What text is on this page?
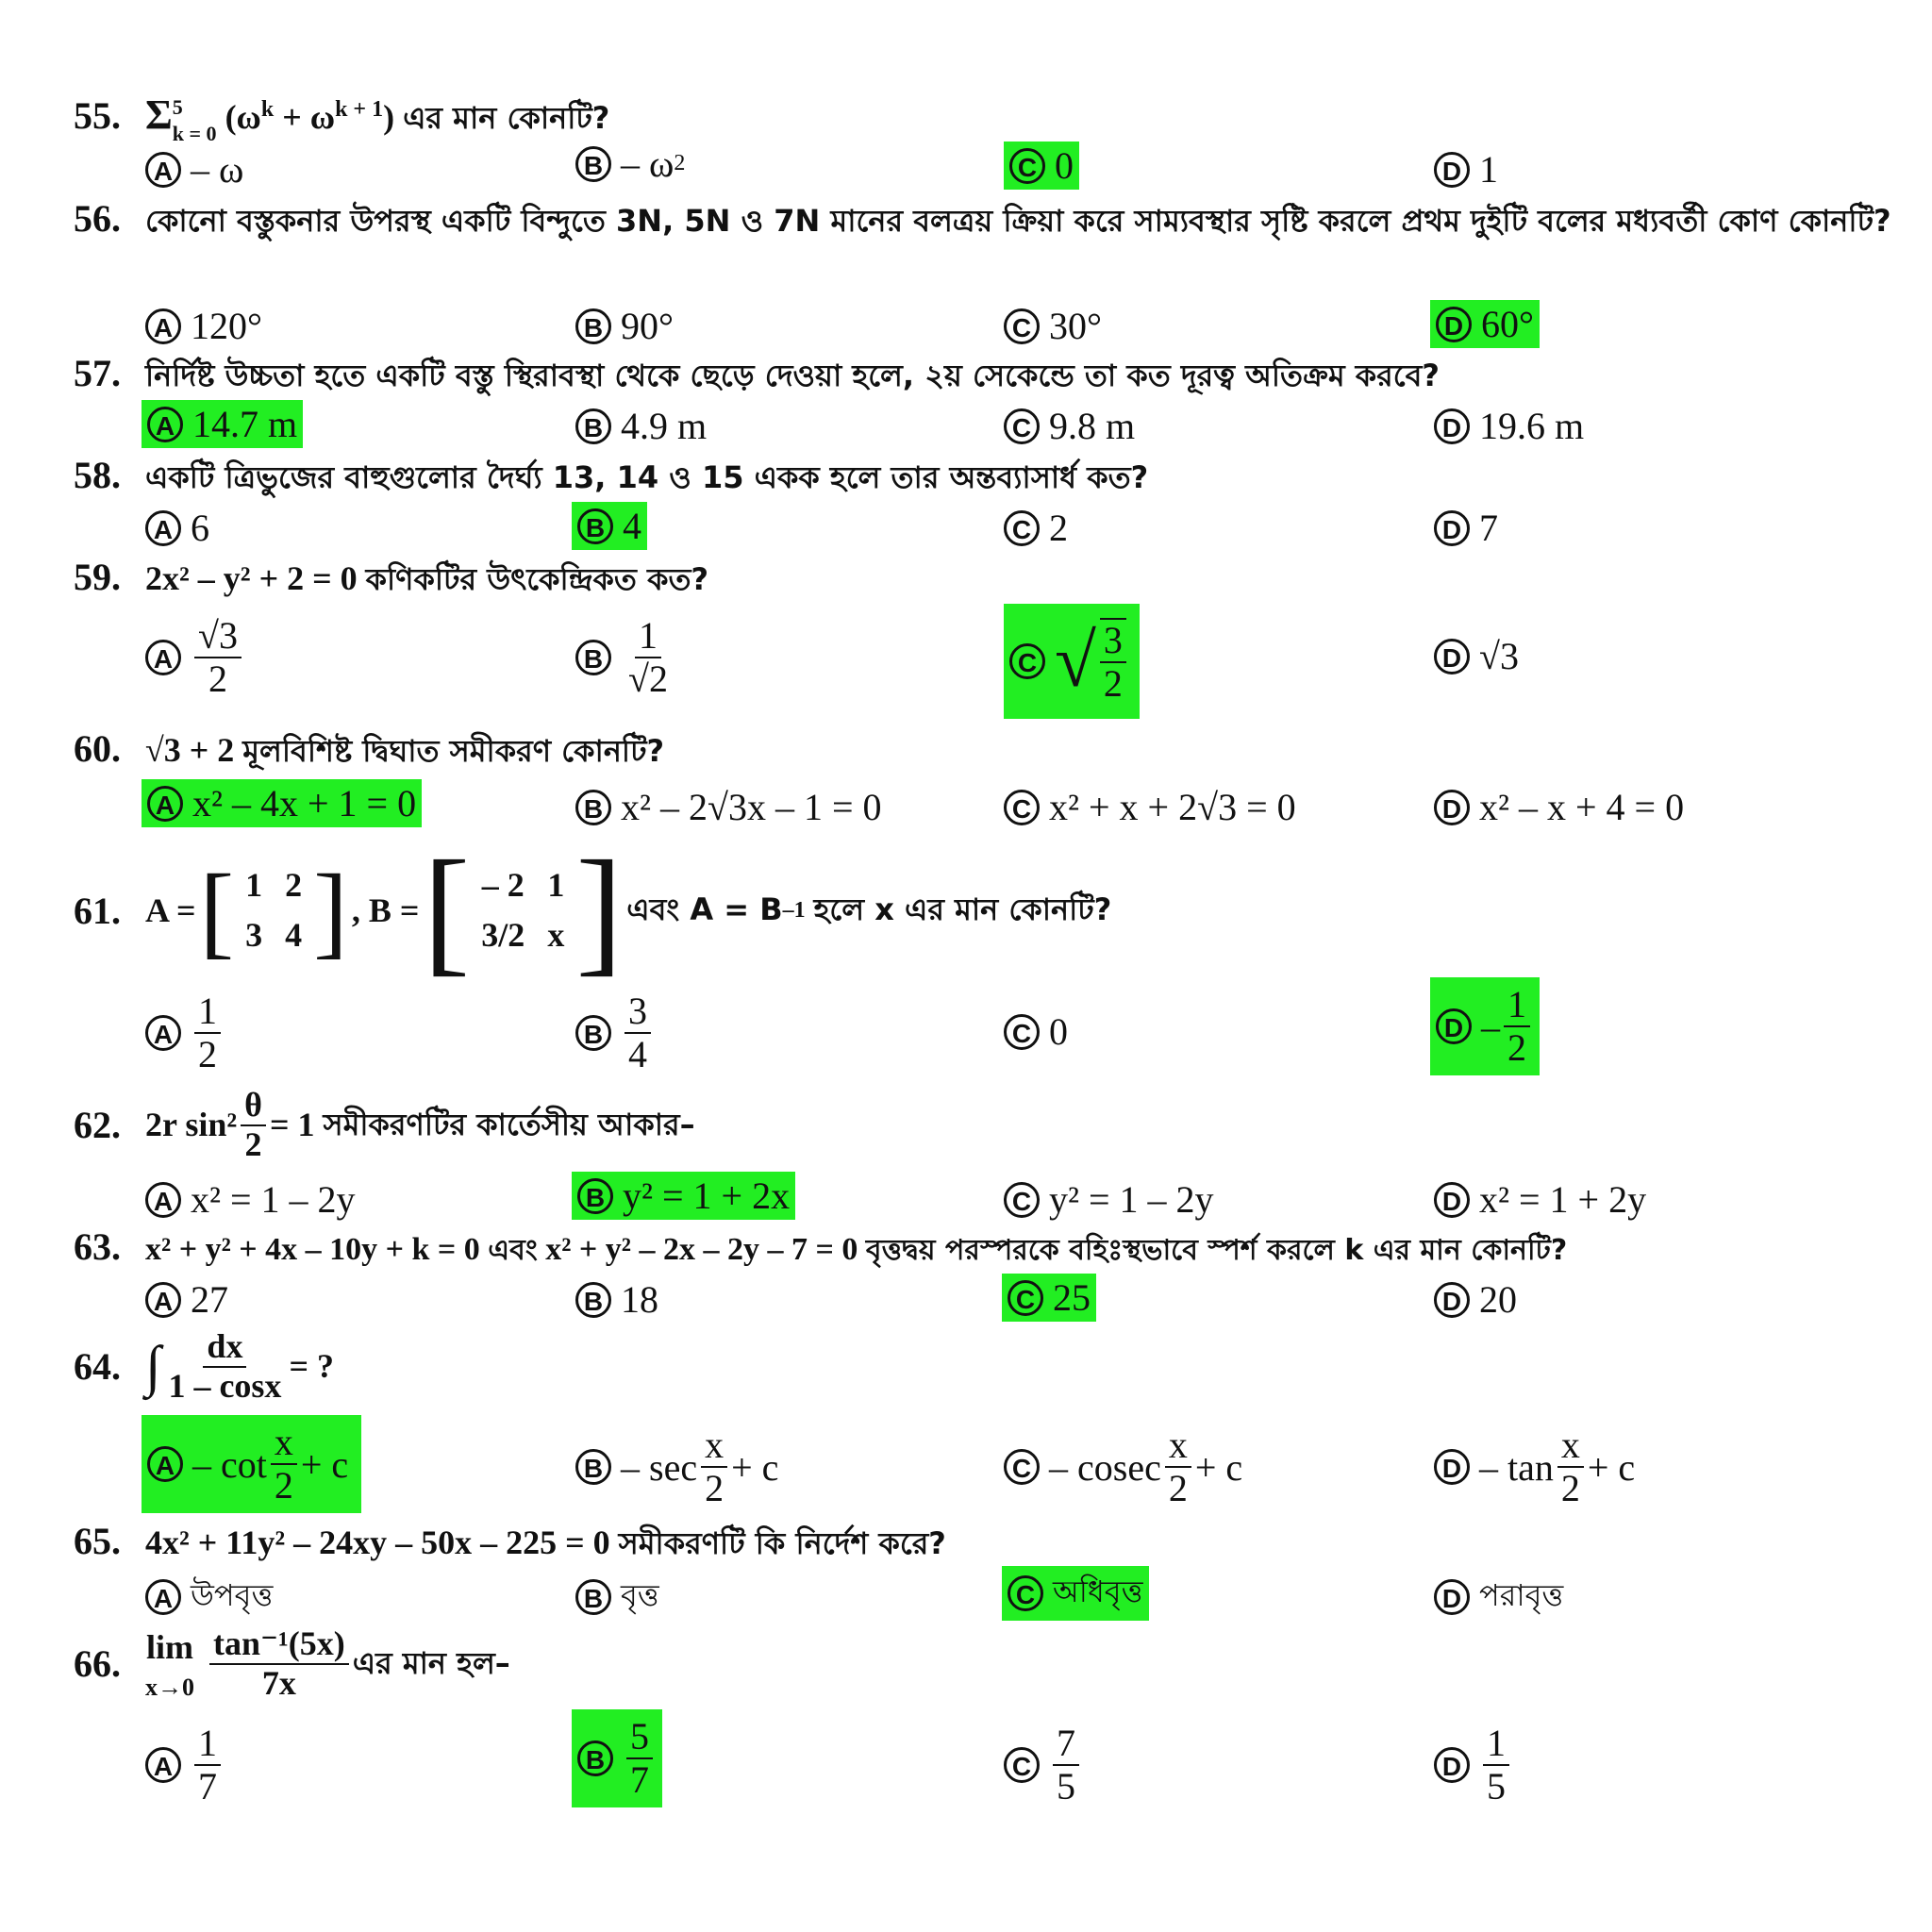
55. Σ 5
k = 0 $(\omega^k + \omega^{k + 1})$ এর মান কোনটি?
A – ω	B – ω 2	C 0	D 1
56. কোনো বস্তুকনার উপরস্থ একটি বিন্দুতে 3N, 5N ও 7N মানের বলত্রয় ক্রিয়া করে সাম্যবস্থার সৃষ্টি করলে প্রথম দুইটি বলের মধ্যবর্তী কোণ কোনটি?
A 120°	B 90°	C 30°	D 60°
57. নির্দিষ্ট উচ্চতা হতে একটি বস্তু স্থিরাবস্থা থেকে ছেড়ে দেওয়া হলে, ২য় সেকেন্ডে তা কত দূরত্ব অতিক্রম করবে?
A 14.7 m	B 4.9 m	C 9.8 m	D 19.6 m
58. একটি ত্রিভুজের বাহুগুলোর দৈর্ঘ্য 13, 14 ও 15 একক হলে তার অন্তব্যাসার্ধ কত?
A 6	B 4	C 2	D 7
59. 2x² – y² + 2 = 0 কণিকটির উৎকেন্দ্রিকত কত?
A $\frac{√3}{2}$	B $\frac{1}{√2}$	C √ $\frac{3}{2}$	D √3
60. √3 + 2 মূলবিশিষ্ট দ্বিঘাত সমীকরণ কোনটি?
A x² – 4x + 1 = 0	B x² – 2√3x – 1 = 0	C x² + x + 2√3 = 0	D x² – x + 4 = 0
61. A = [ 1	2
3	4 ] , B = [ – 2	1
3/2	x ] এবং A = B –1
হলে x এর মান কোনটি?
A $\frac{1}{2}$	B $\frac{3}{4}$	C 0	D – $\frac{1}{2}$
62. 2r $\sin^2 \frac{\theta}{2} = 1$
সমীকরণটির কার্তেসীয় আকার–
A x² = 1 – 2y	B y² = 1 + 2x	C y² = 1 – 2y	D x² = 1 + 2y
63. x² + y² + 4x – 10y + k = 0 এবং x² + y² – 2x – 2y – 7 = 0 বৃত্তদ্বয় পরস্পরকে বহিঃস্থভাবে স্পর্শ করলে k এর মান কোনটি?
A 27	B 18	C 25	D 20
64. ∫ $\frac{dx}{1 - \cos x}$ = ?
$A - \cot \frac{x}{2} + c$	$B - \sec \frac{x}{2} + c$	C – cosec $\frac{x}{2} + c$	$D - \tan \frac{x}{2} + c$
65. 4x² + 11y² – 24xy – 50x – 225 = 0 সমীকরণটি কি নির্দেশ করে?
A উপবৃত্ত	B বৃত্ত	C অধিবৃত্ত	D পরাবৃত্ত
66. lim
$x\to 0 \frac{\text{tan⁻¹(5x)}}{7x}$ এর মান হল–
A $\frac{1}{7}$	B $\frac{5}{7}$	C $\frac{7}{5}$	D $\frac{1}{5}$
